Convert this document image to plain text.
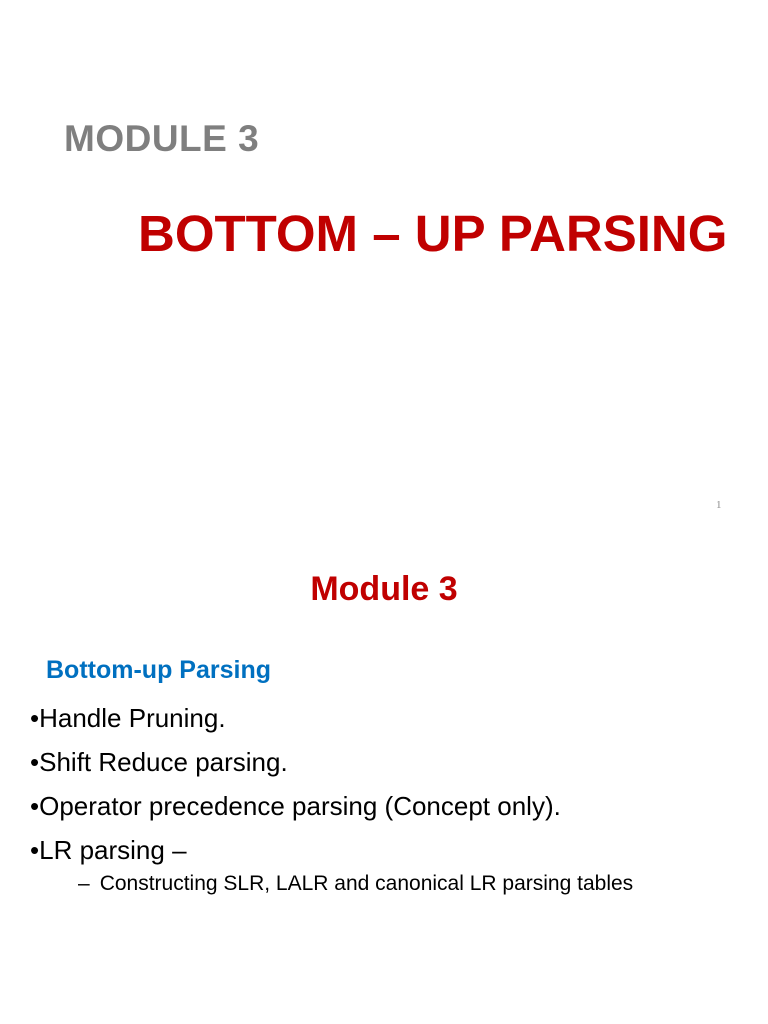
MODULE 3
BOTTOM – UP PARSING
1
Module 3
Bottom-up Parsing
•Handle Pruning.
•Shift Reduce parsing.
•Operator precedence parsing (Concept only).
•LR parsing –
– Constructing SLR, LALR and canonical LR parsing tables
